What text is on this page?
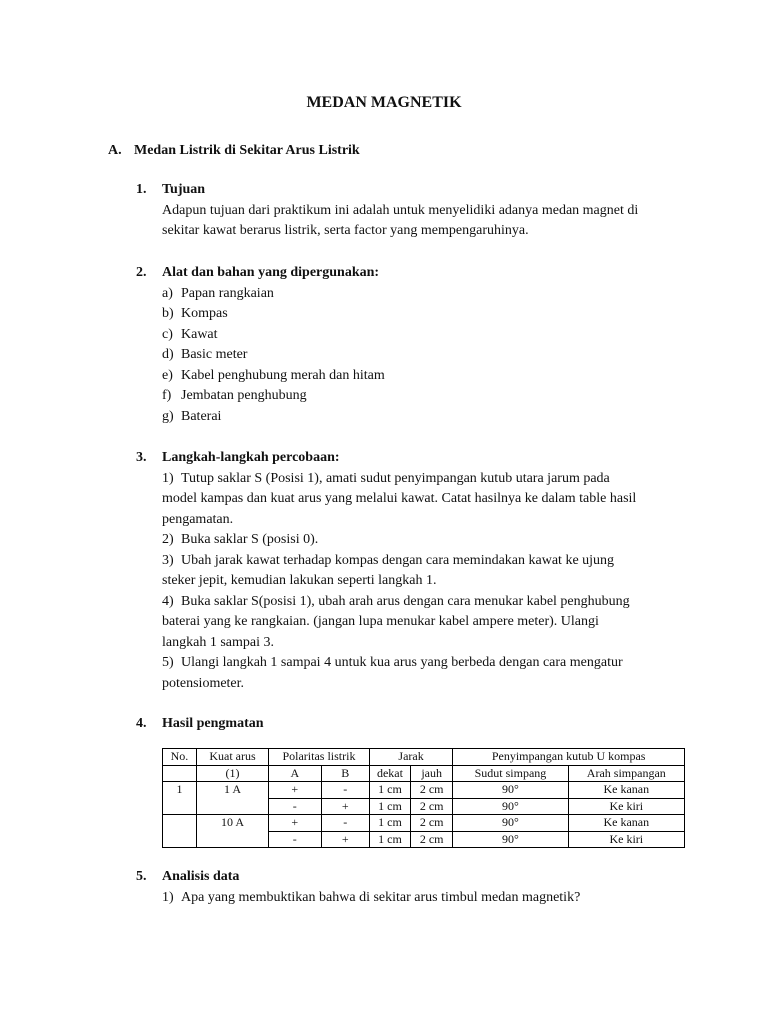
MEDAN MAGNETIK
A. Medan Listrik di Sekitar Arus Listrik
1. Tujuan
Adapun tujuan dari praktikum ini adalah untuk menyelidiki adanya medan magnet di
sekitar kawat berarus listrik, serta factor yang mempengaruhinya.
2. Alat dan bahan yang dipergunakan:
a) Papan rangkaian
b) Kompas
c) Kawat
d) Basic meter
e) Kabel penghubung merah dan hitam
f) Jembatan penghubung
g) Baterai
3. Langkah-langkah percobaan:
1) Tutup saklar S (Posisi 1), amati sudut penyimpangan kutub utara jarum pada
model kampas dan kuat arus yang melalui kawat. Catat hasilnya ke dalam table hasil
pengamatan.
2) Buka saklar S (posisi 0).
3) Ubah jarak kawat terhadap kompas dengan cara memindakan kawat ke ujung
steker jepit, kemudian lakukan seperti langkah 1.
4) Buka saklar S(posisi 1), ubah arah arus dengan cara menukar kabel penghubung
baterai yang ke rangkaian. (jangan lupa menukar kabel ampere meter). Ulangi
langkah 1 sampai 3.
5) Ulangi langkah 1 sampai 4 untuk kua arus yang berbeda dengan cara mengatur
potensiometer.
4. Hasil pengmatan
No.	Kuat arus	Polaritas listrik		Jarak		Penyimpangan kutub U kompas	
	(1)	A	B	dekat	jauh	Sudut simpang	Arah simpangan
1	1 A	+	-	1 cm	2 cm	90°	Ke kanan
		-	+	1 cm	2 cm	90°	Ke kiri
	10 A	+	-	1 cm	2 cm	90°	Ke kanan
		-	+	1 cm	2 cm	90°	Ke kiri
5. Analisis data
1) Apa yang membuktikan bahwa di sekitar arus timbul medan magnetik?
